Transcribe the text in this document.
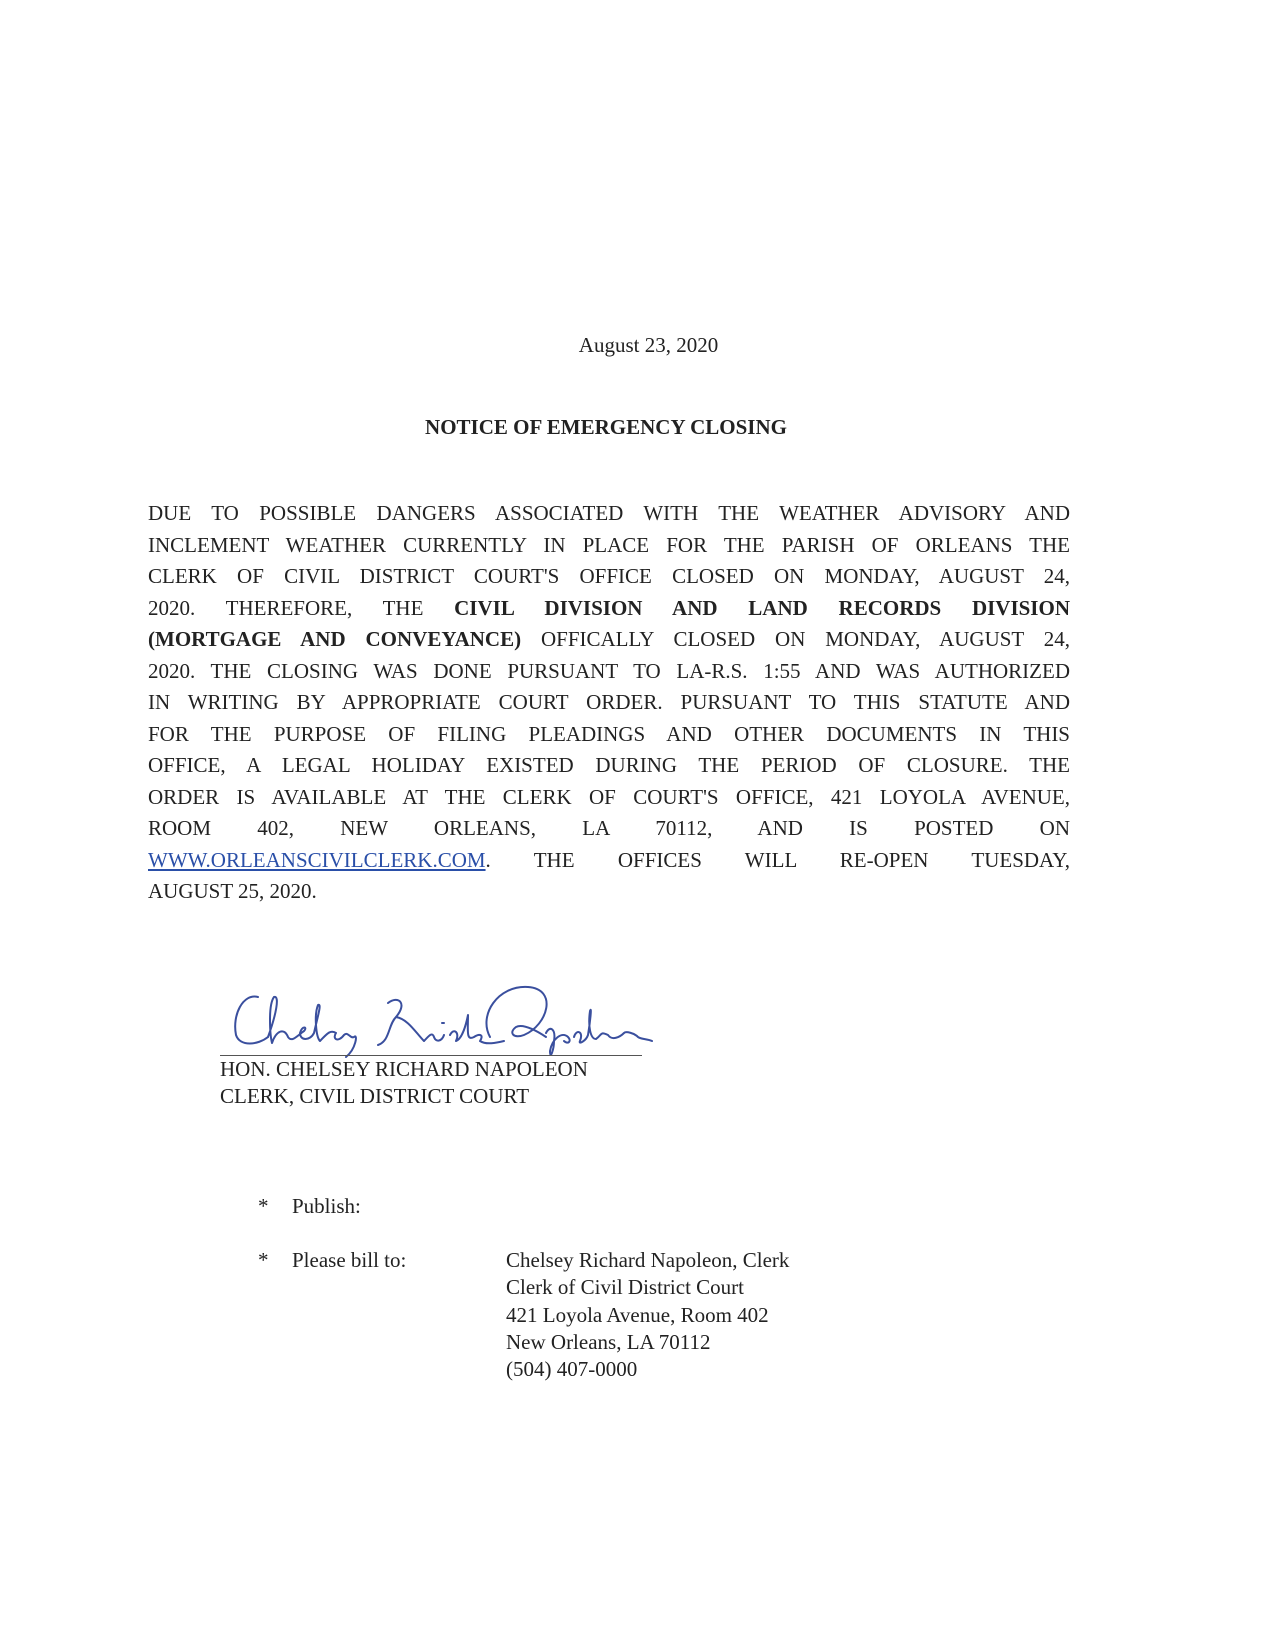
August 23, 2020
NOTICE OF EMERGENCY CLOSING
DUE TO POSSIBLE DANGERS ASSOCIATED WITH THE WEATHER ADVISORY AND
INCLEMENT WEATHER CURRENTLY IN PLACE FOR THE PARISH OF ORLEANS THE
CLERK OF CIVIL DISTRICT COURT'S OFFICE CLOSED ON MONDAY, AUGUST 24,
2020. THEREFORE, THE CIVIL DIVISION AND LAND RECORDS DIVISION
(MORTGAGE AND CONVEYANCE) OFFICALLY CLOSED ON MONDAY, AUGUST 24,
2020. THE CLOSING WAS DONE PURSUANT TO LA-R.S. 1:55 AND WAS AUTHORIZED
IN WRITING BY APPROPRIATE COURT ORDER. PURSUANT TO THIS STATUTE AND
FOR THE PURPOSE OF FILING PLEADINGS AND OTHER DOCUMENTS IN THIS
OFFICE, A LEGAL HOLIDAY EXISTED DURING THE PERIOD OF CLOSURE. THE
ORDER IS AVAILABLE AT THE CLERK OF COURT'S OFFICE, 421 LOYOLA AVENUE,
ROOM 402, NEW ORLEANS, LA 70112, AND IS POSTED ON
WWW.ORLEANSCIVILCLERK.COM. THE OFFICES WILL RE-OPEN TUESDAY,
AUGUST 25, 2020.
HON. CHELSEY RICHARD NAPOLEON
CLERK, CIVIL DISTRICT COURT
* Publish:
* Please bill to:	Chelsey Richard Napoleon, Clerk
Clerk of Civil District Court
421 Loyola Avenue, Room 402
New Orleans, LA 70112
(504) 407-0000
